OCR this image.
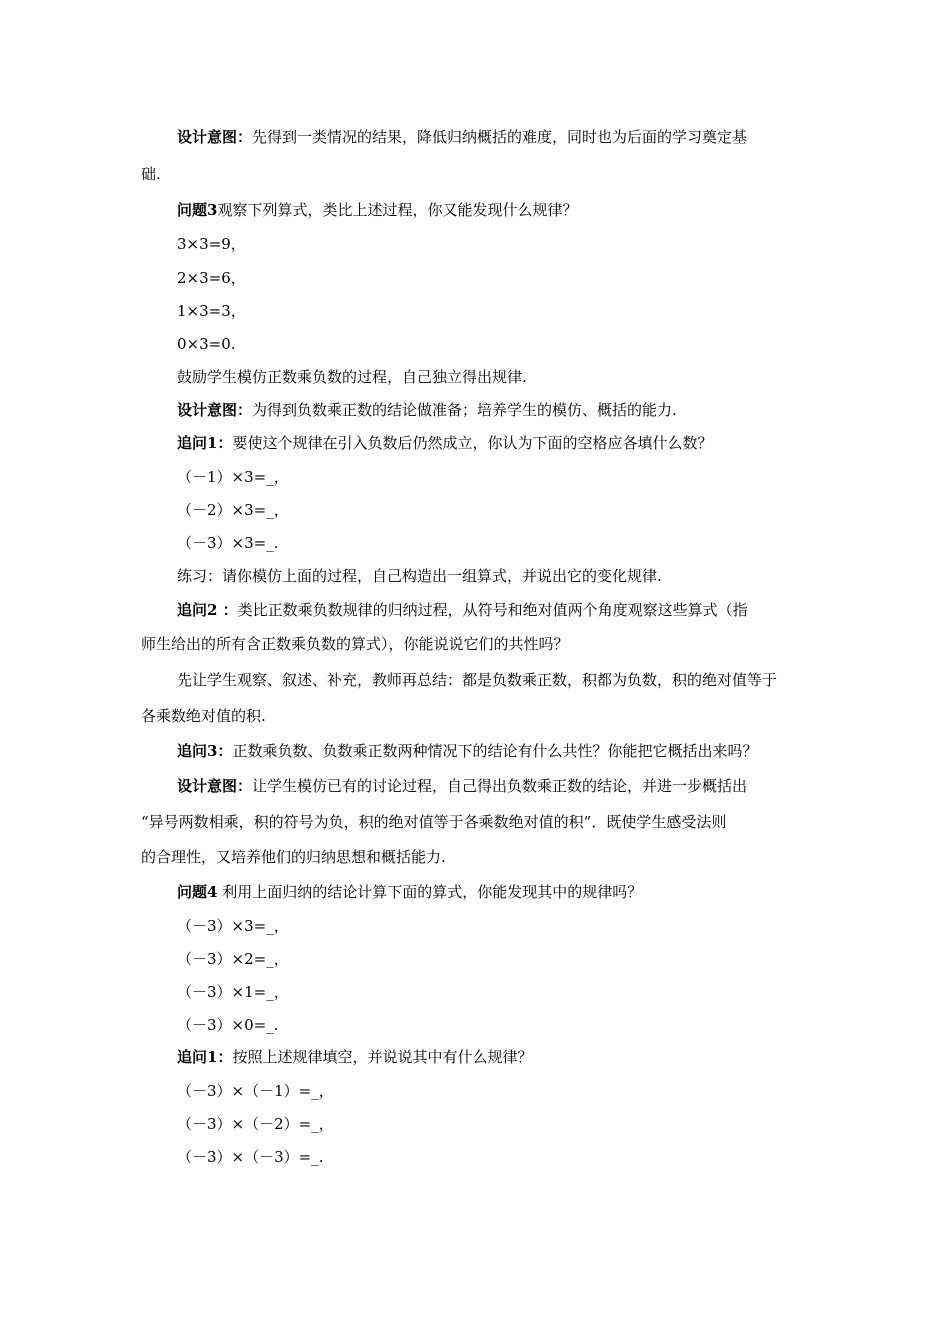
设计意图：先得到一类情况的结果，降低归纳概括的难度，同时也为后面的学习奠定基
础.
问题3观察下列算式，类比上述过程，你又能发现什么规律？
3×3=9，
2×3=6，
1×3=3，
0×3=0.
鼓励学生模仿正数乘负数的过程，自己独立得出规律.
设计意图：为得到负数乘正数的结论做准备；培养学生的模仿、概括的能力.
追问1：要使这个规律在引入负数后仍然成立，你认为下面的空格应各填什么数？
（－1）×3=_，
（－2）×3=_，
（－3）×3=_.
练习：请你模仿上面的过程，自己构造出一组算式，并说出它的变化规律.
追问2 ：类比正数乘负数规律的归纳过程，从符号和绝对值两个角度观察这些算式（指
师生给出的所有含正数乘负数的算式），你能说说它们的共性吗？
先让学生观察、叙述、补充，教师再总结：都是负数乘正数，积都为负数，积的绝对值等于
各乘数绝对值的积.
追问3：正数乘负数、负数乘正数两种情况下的结论有什么共性？你能把它概括出来吗？
设计意图：让学生模仿已有的讨论过程，自己得出负数乘正数的结论，并进一步概括出
“异号两数相乘，积的符号为负，积的绝对值等于各乘数绝对值的积”．既使学生感受法则
的合理性，又培养他们的归纳思想和概括能力.
问题4 利用上面归纳的结论计算下面的算式，你能发现其中的规律吗？
（－3）×3=_，
（－3）×2=_，
（－3）×1=_，
（－3）×0=_.
追问1：按照上述规律填空，并说说其中有什么规律？
（－3）×（－1）=_，
（－3）×（－2）=_，
（－3）×（－3）=_.
